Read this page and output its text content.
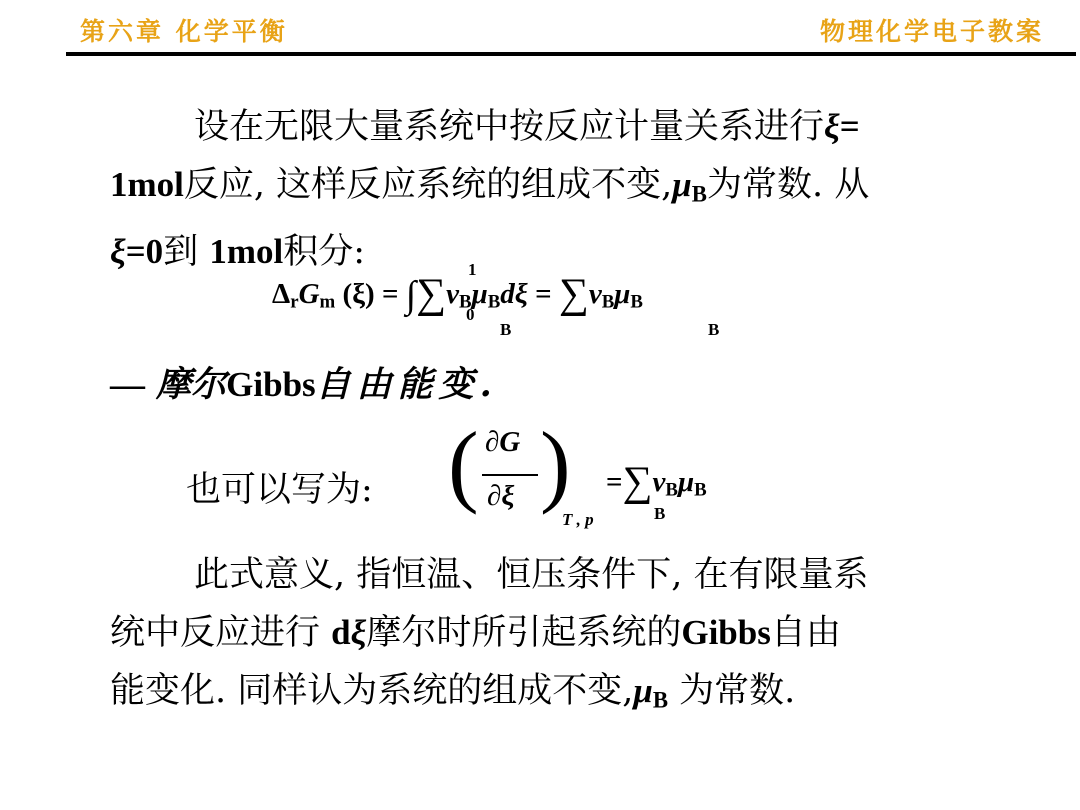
第六章 化学平衡	物理化学电子教案
设在无限大量系统中按反应计量关系进行ξ=
1mol反应, 这样反应系统的组成不变$,\mu_B$为常数. 从
ξ=0到 1mol积分:
$\Delta_rG_m$ $(\xi) = \int\sum\nu_B\mu_Bd\xi = \sum\nu_B\mu_B$
1
0
B	B
— 摩尔Gibbs自由能变.
也可以写为: ( ∂G
∂ξ )
T , p
$=\sum\nu_B\mu_B$
B
此式意义, 指恒温、恒压条件下, 在有限量系
统中反应进行 dξ摩尔时所引起系统的Gibbs自由
能变化. 同样认为系统的组成不变$,\mu_B$ 为常数.
